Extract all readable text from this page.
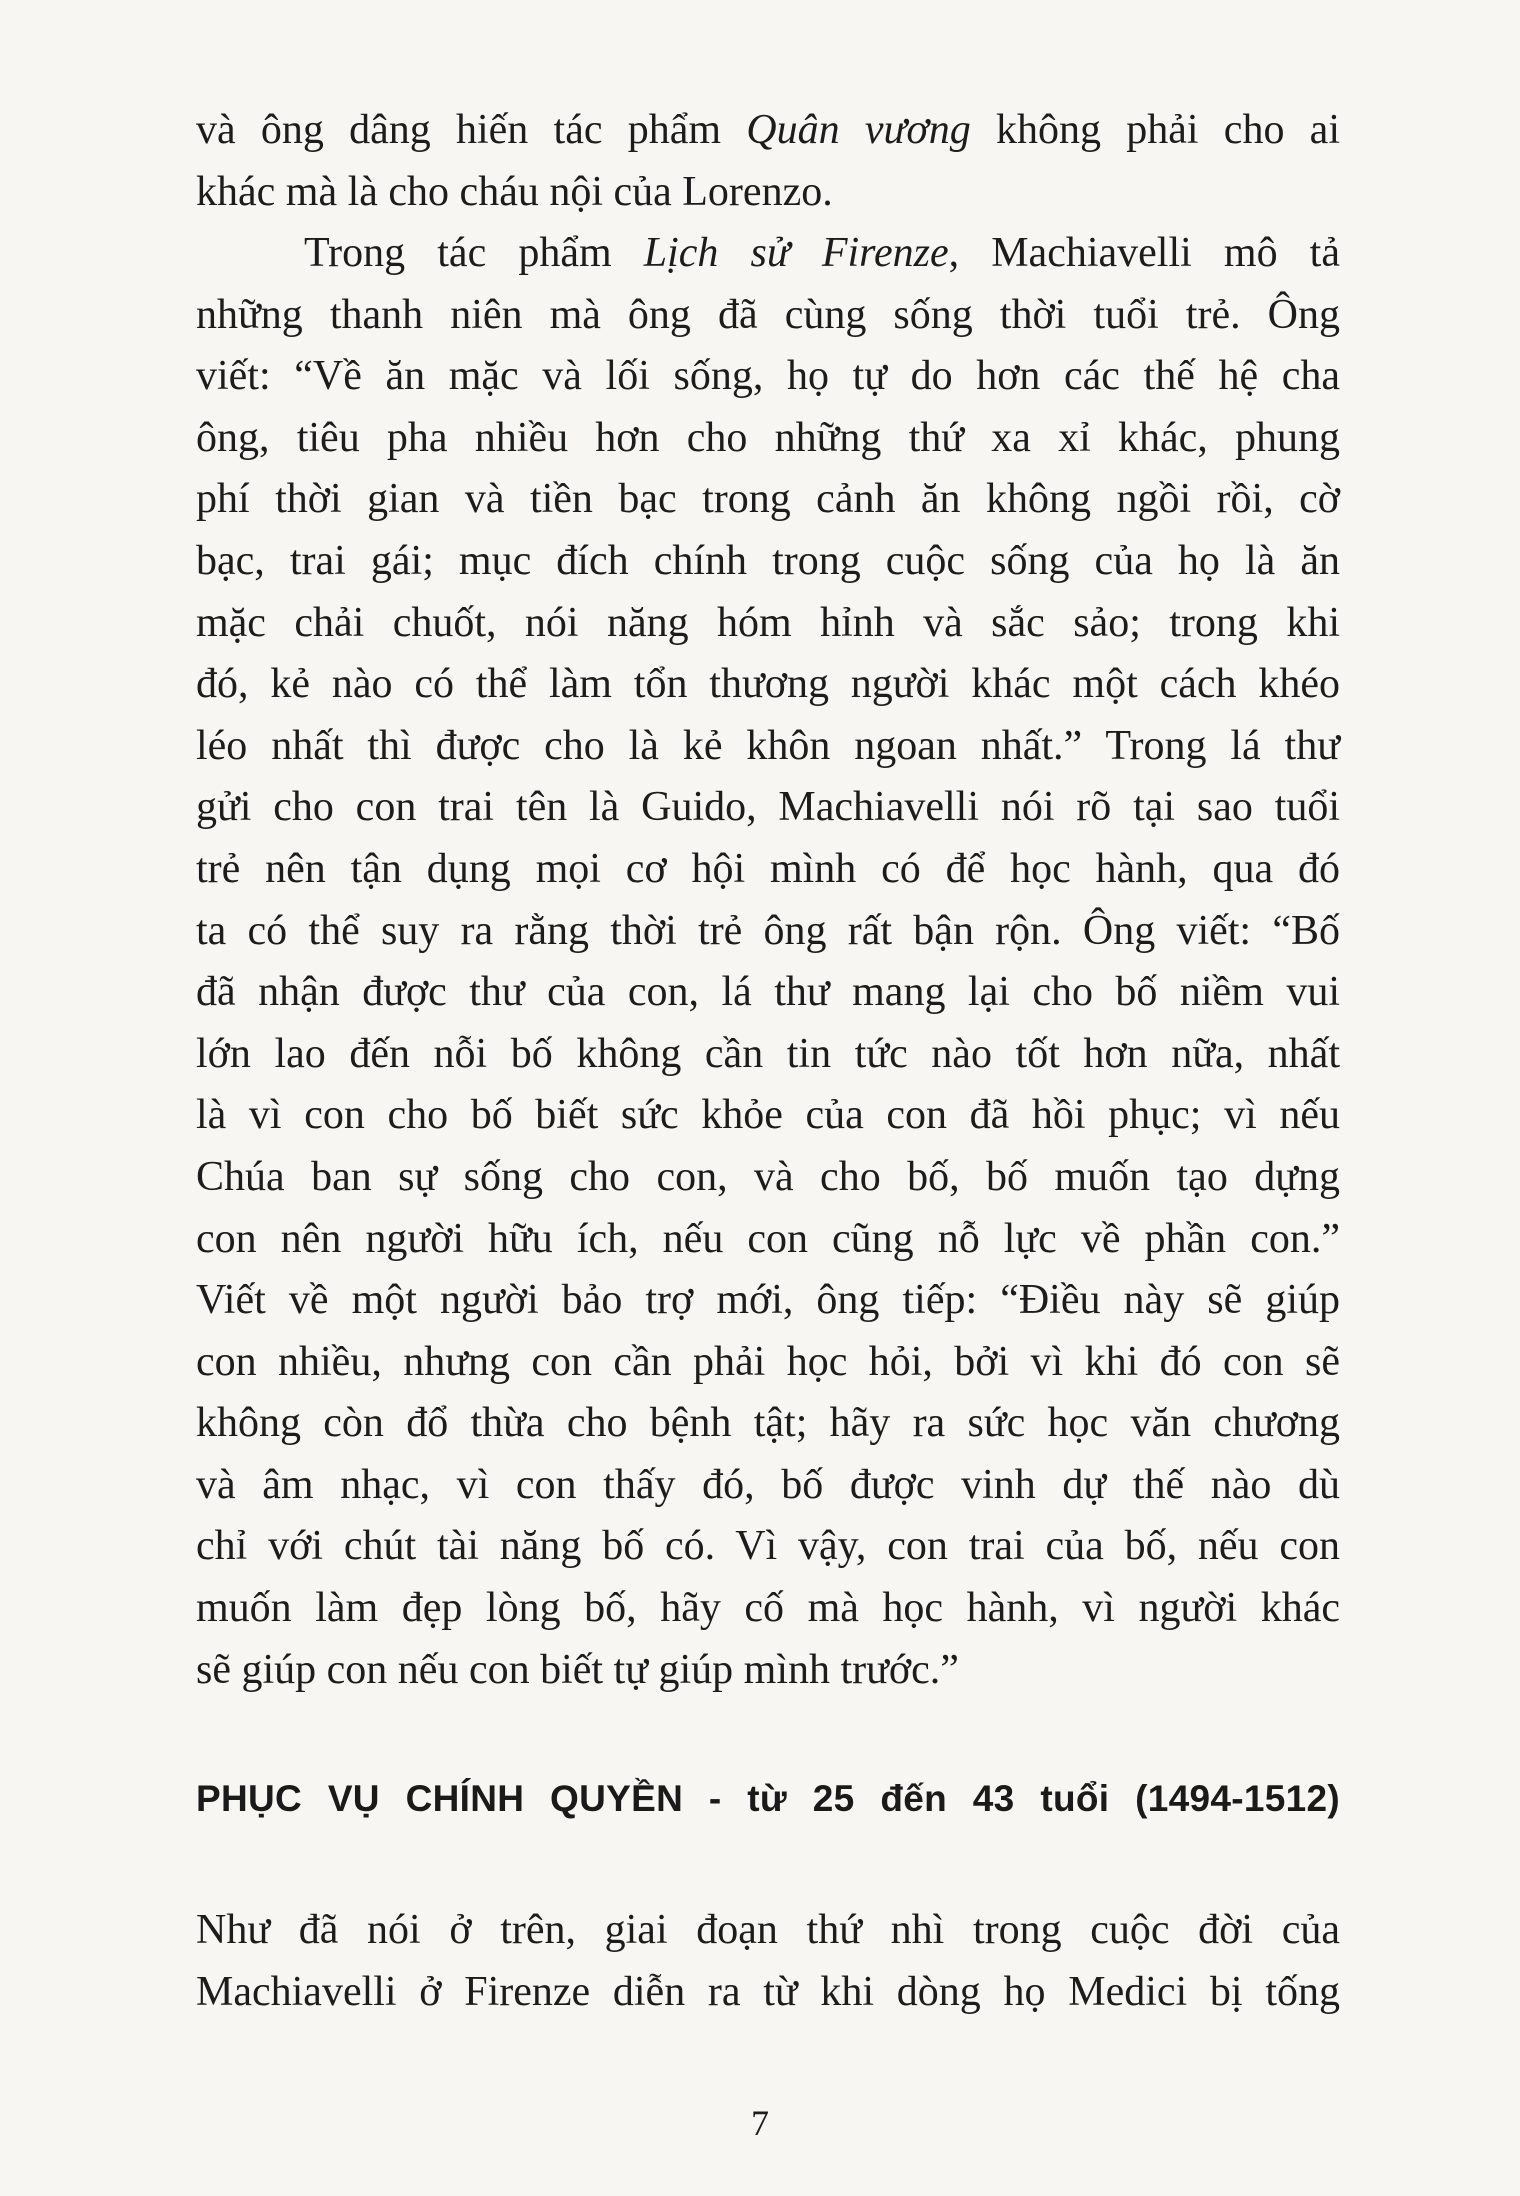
và ông dâng hiến tác phẩm Quân vương không phải cho ai
khác mà là cho cháu nội của Lorenzo.
Trong tác phẩm Lịch sử Firenze, Machiavelli mô tả
những thanh niên mà ông đã cùng sống thời tuổi trẻ. Ông
viết: “Về ăn mặc và lối sống, họ tự do hơn các thế hệ cha
ông, tiêu pha nhiều hơn cho những thứ xa xỉ khác, phung
phí thời gian và tiền bạc trong cảnh ăn không ngồi rồi, cờ
bạc, trai gái; mục đích chính trong cuộc sống của họ là ăn
mặc chải chuốt, nói năng hóm hỉnh và sắc sảo; trong khi
đó, kẻ nào có thể làm tổn thương người khác một cách khéo
léo nhất thì được cho là kẻ khôn ngoan nhất.” Trong lá thư
gửi cho con trai tên là Guido, Machiavelli nói rõ tại sao tuổi
trẻ nên tận dụng mọi cơ hội mình có để học hành, qua đó
ta có thể suy ra rằng thời trẻ ông rất bận rộn. Ông viết: “Bố
đã nhận được thư của con, lá thư mang lại cho bố niềm vui
lớn lao đến nỗi bố không cần tin tức nào tốt hơn nữa, nhất
là vì con cho bố biết sức khỏe của con đã hồi phục; vì nếu
Chúa ban sự sống cho con, và cho bố, bố muốn tạo dựng
con nên người hữu ích, nếu con cũng nỗ lực về phần con.”
Viết về một người bảo trợ mới, ông tiếp: “Điều này sẽ giúp
con nhiều, nhưng con cần phải học hỏi, bởi vì khi đó con sẽ
không còn đổ thừa cho bệnh tật; hãy ra sức học văn chương
và âm nhạc, vì con thấy đó, bố được vinh dự thế nào dù
chỉ với chút tài năng bố có. Vì vậy, con trai của bố, nếu con
muốn làm đẹp lòng bố, hãy cố mà học hành, vì người khác
sẽ giúp con nếu con biết tự giúp mình trước.”
PHỤC VỤ CHÍNH QUYỀN - từ 25 đến 43 tuổi (1494-1512)
Như đã nói ở trên, giai đoạn thứ nhì trong cuộc đời của
Machiavelli ở Firenze diễn ra từ khi dòng họ Medici bị tống
7
